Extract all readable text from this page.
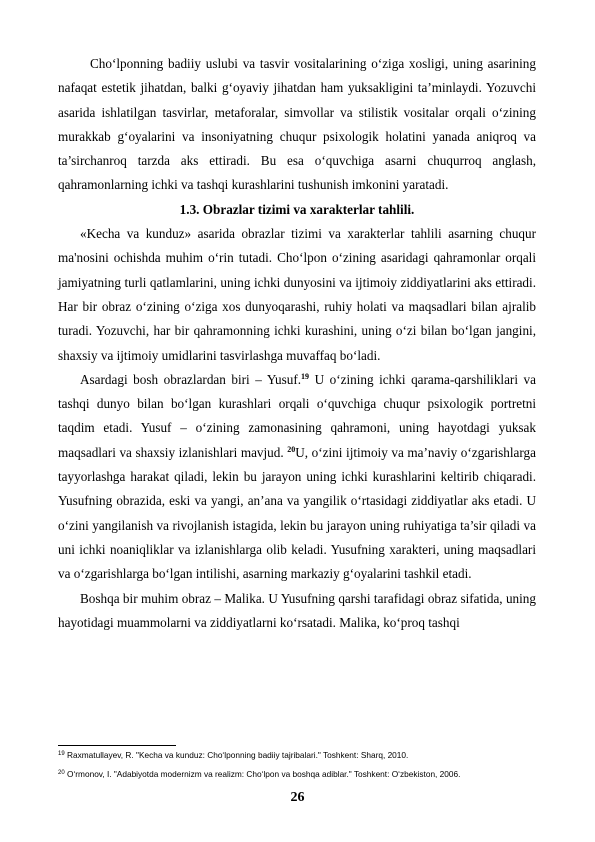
Cho‘lponning badiiy uslubi va tasvir vositalarining o‘ziga xosligi, uning asarining nafaqat estetik jihatdan, balki g‘oyaviy jihatdan ham yuksakligini ta’minlaydi. Yozuvchi asarida ishlatilgan tasvirlar, metaforalar, simvollar va stilistik vositalar orqali o‘zining murakkab g‘oyalarini va insoniyatning chuqur psixologik holatini yanada aniqroq va ta’sirchanroq tarzda aks ettiradi. Bu esa o‘quvchiga asarni chuqurroq anglash, qahramonlarning ichki va tashqi kurashlarini tushunish imkonini yaratadi.

1.3. Obrazlar tizimi va xarakterlar tahlili.

«Kecha va kunduz» asarida obrazlar tizimi va xarakterlar tahlili asarning chuqur ma'nosini ochishda muhim o‘rin tutadi. Cho‘lpon o‘zining asaridagi qahramonlar orqali jamiyatning turli qatlamlarini, uning ichki dunyosini va ijtimoiy ziddiyatlarini aks ettiradi. Har bir obraz o‘zining o‘ziga xos dunyoqarashi, ruhiy holati va maqsadlari bilan ajralib turadi. Yozuvchi, har bir qahramonning ichki kurashini, uning o‘zi bilan bo‘lgan jangini, shaxsiy va ijtimoiy umidlarini tasvirlashga muvaffaq bo‘ladi.

Asardagi bosh obrazlardan biri – Yusuf.$^{19}$ U o‘zining ichki qarama-qarshiliklari va tashqi dunyo bilan bo‘lgan kurashlari orqali o‘quvchiga chuqur psixologik portretni taqdim etadi. Yusuf – o‘zining zamonasining qahramoni, uning hayotdagi yuksak maqsadlari va shaxsiy izlanishlari mavjud. $^{20}$U, o‘zini ijtimoiy va ma’naviy o‘zgarishlarga tayyorlashga harakat qiladi, lekin bu jarayon uning ichki kurashlarini keltirib chiqaradi. Yusufning obrazida, eski va yangi, an’ana va yangilik o‘rtasidagi ziddiyatlar aks etadi. U o‘zini yangilanish va rivojlanish istagida, lekin bu jarayon uning ruhiyatiga ta’sir qiladi va uni ichki noaniqliklar va izlanishlarga olib keladi. Yusufning xarakteri, uning maqsadlari va o‘zgarishlarga bo‘lgan intilishi, asarning markaziy g‘oyalarini tashkil etadi.

Boshqa bir muhim obraz – Malika. U Yusufning qarshi tarafidagi obraz sifatida, uning hayotidagi muammolarni va ziddiyatlarni ko‘rsatadi. Malika, ko‘proq tashqi

$^{19}$ Raxmatullayev, R. "Kecha va kunduz: Cho‘lponning badiiy tajribalari." Toshkent: Sharq, 2010.
$^{20}$ O‘rmonov, I. "Adabiyotda modernizm va realizm: Cho‘lpon va boshqa adiblar." Toshkent: O‘zbekiston, 2006.
26
